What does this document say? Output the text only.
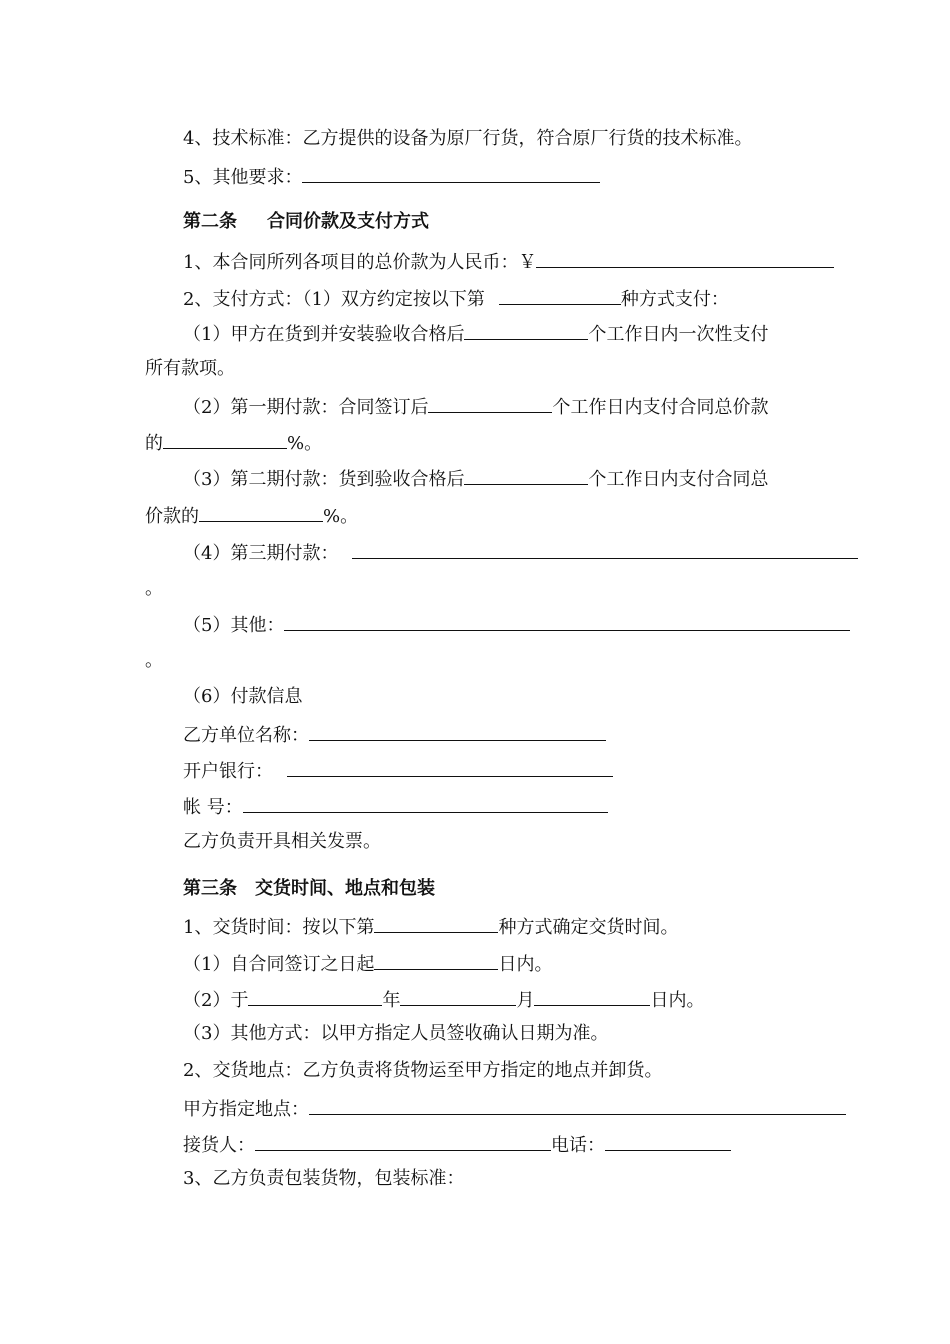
4、技术标准：乙方提供的设备为原厂行货，符合原厂行货的技术标准。
5、其他要求：
第二条 合同价款及支付方式
1、本合同所列各项目的总价款为人民币：￥
2、支付方式：（1）双方约定按以下第	种方式支付：
（1）甲方在货到并安装验收合格后	个工作日内一次性支付
所有款项。
（2）第一期付款：合同签订后	个工作日内支付合同总价款
的	%。
（3）第二期付款：货到验收合格后	个工作日内支付合同总
价款的	%。
（4）第三期付款：
。
（5）其他：
。
（6）付款信息
乙方单位名称：
开户银行：
帐 号：
乙方负责开具相关发票。
第三条 交货时间、地点和包装
1、交货时间：按以下第	种方式确定交货时间。
（1）自合同签订之日起	日内。
（2）于	年	月	日内。
（3）其他方式：以甲方指定人员签收确认日期为准。
2、交货地点：乙方负责将货物运至甲方指定的地点并卸货。
甲方指定地点：
接货人：	电话：
3、乙方负责包装货物，包装标准：
